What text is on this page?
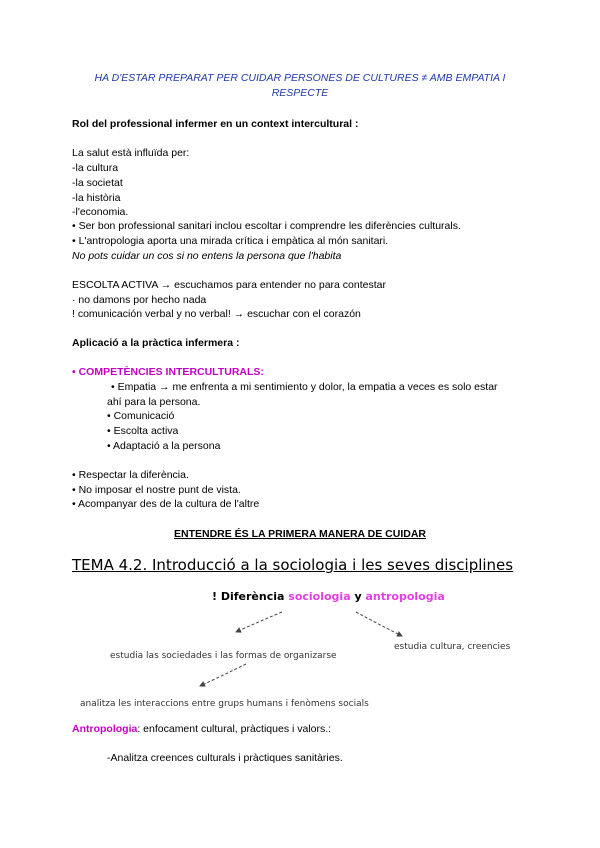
HA D'ESTAR PREPARAT PER CUIDAR PERSONES DE CULTURES ≠ AMB EMPATIA I
RESPECTE
Rol del professional infermer en un context intercultural :
La salut està influïda per:
-la cultura
-la societat
-la història
-l'economia.
• Ser bon professional sanitari inclou escoltar i comprendre les diferències culturals.
• L'antropologia aporta una mirada crítica i empàtica al món sanitari.
No pots cuidar un cos si no entens la persona que l'habita
ESCOLTA ACTIVA → escuchamos para entender no para contestar
· no damons por hecho nada
! comunicación verbal y no verbal! → escuchar con el corazón
Aplicació a la pràctica infermera :
• COMPETÈNCIES INTERCULTURALS:
• Empatia → me enfrenta a mi sentimiento y dolor, la empatia a veces es solo estar
ahí para la persona.
• Comunicació
• Escolta activa
• Adaptació a la persona
• Respectar la diferència.
• No imposar el nostre punt de vista.
• Acompanyar des de la cultura de l'altre
ENTENDRE ÉS LA PRIMERA MANERA DE CUIDAR
TEMA 4.2. Introducció a la sociologia i les seves disciplines
! Diferència sociologia y antropologia
estudia las sociedades i las formas de organizarse
estudia cultura, creencies
analitza les interaccions entre grups humans i fenòmens socials
Antropologia: enfocament cultural, pràctiques i valors.:
-Analitza creences culturals i pràctiques sanitàries.
